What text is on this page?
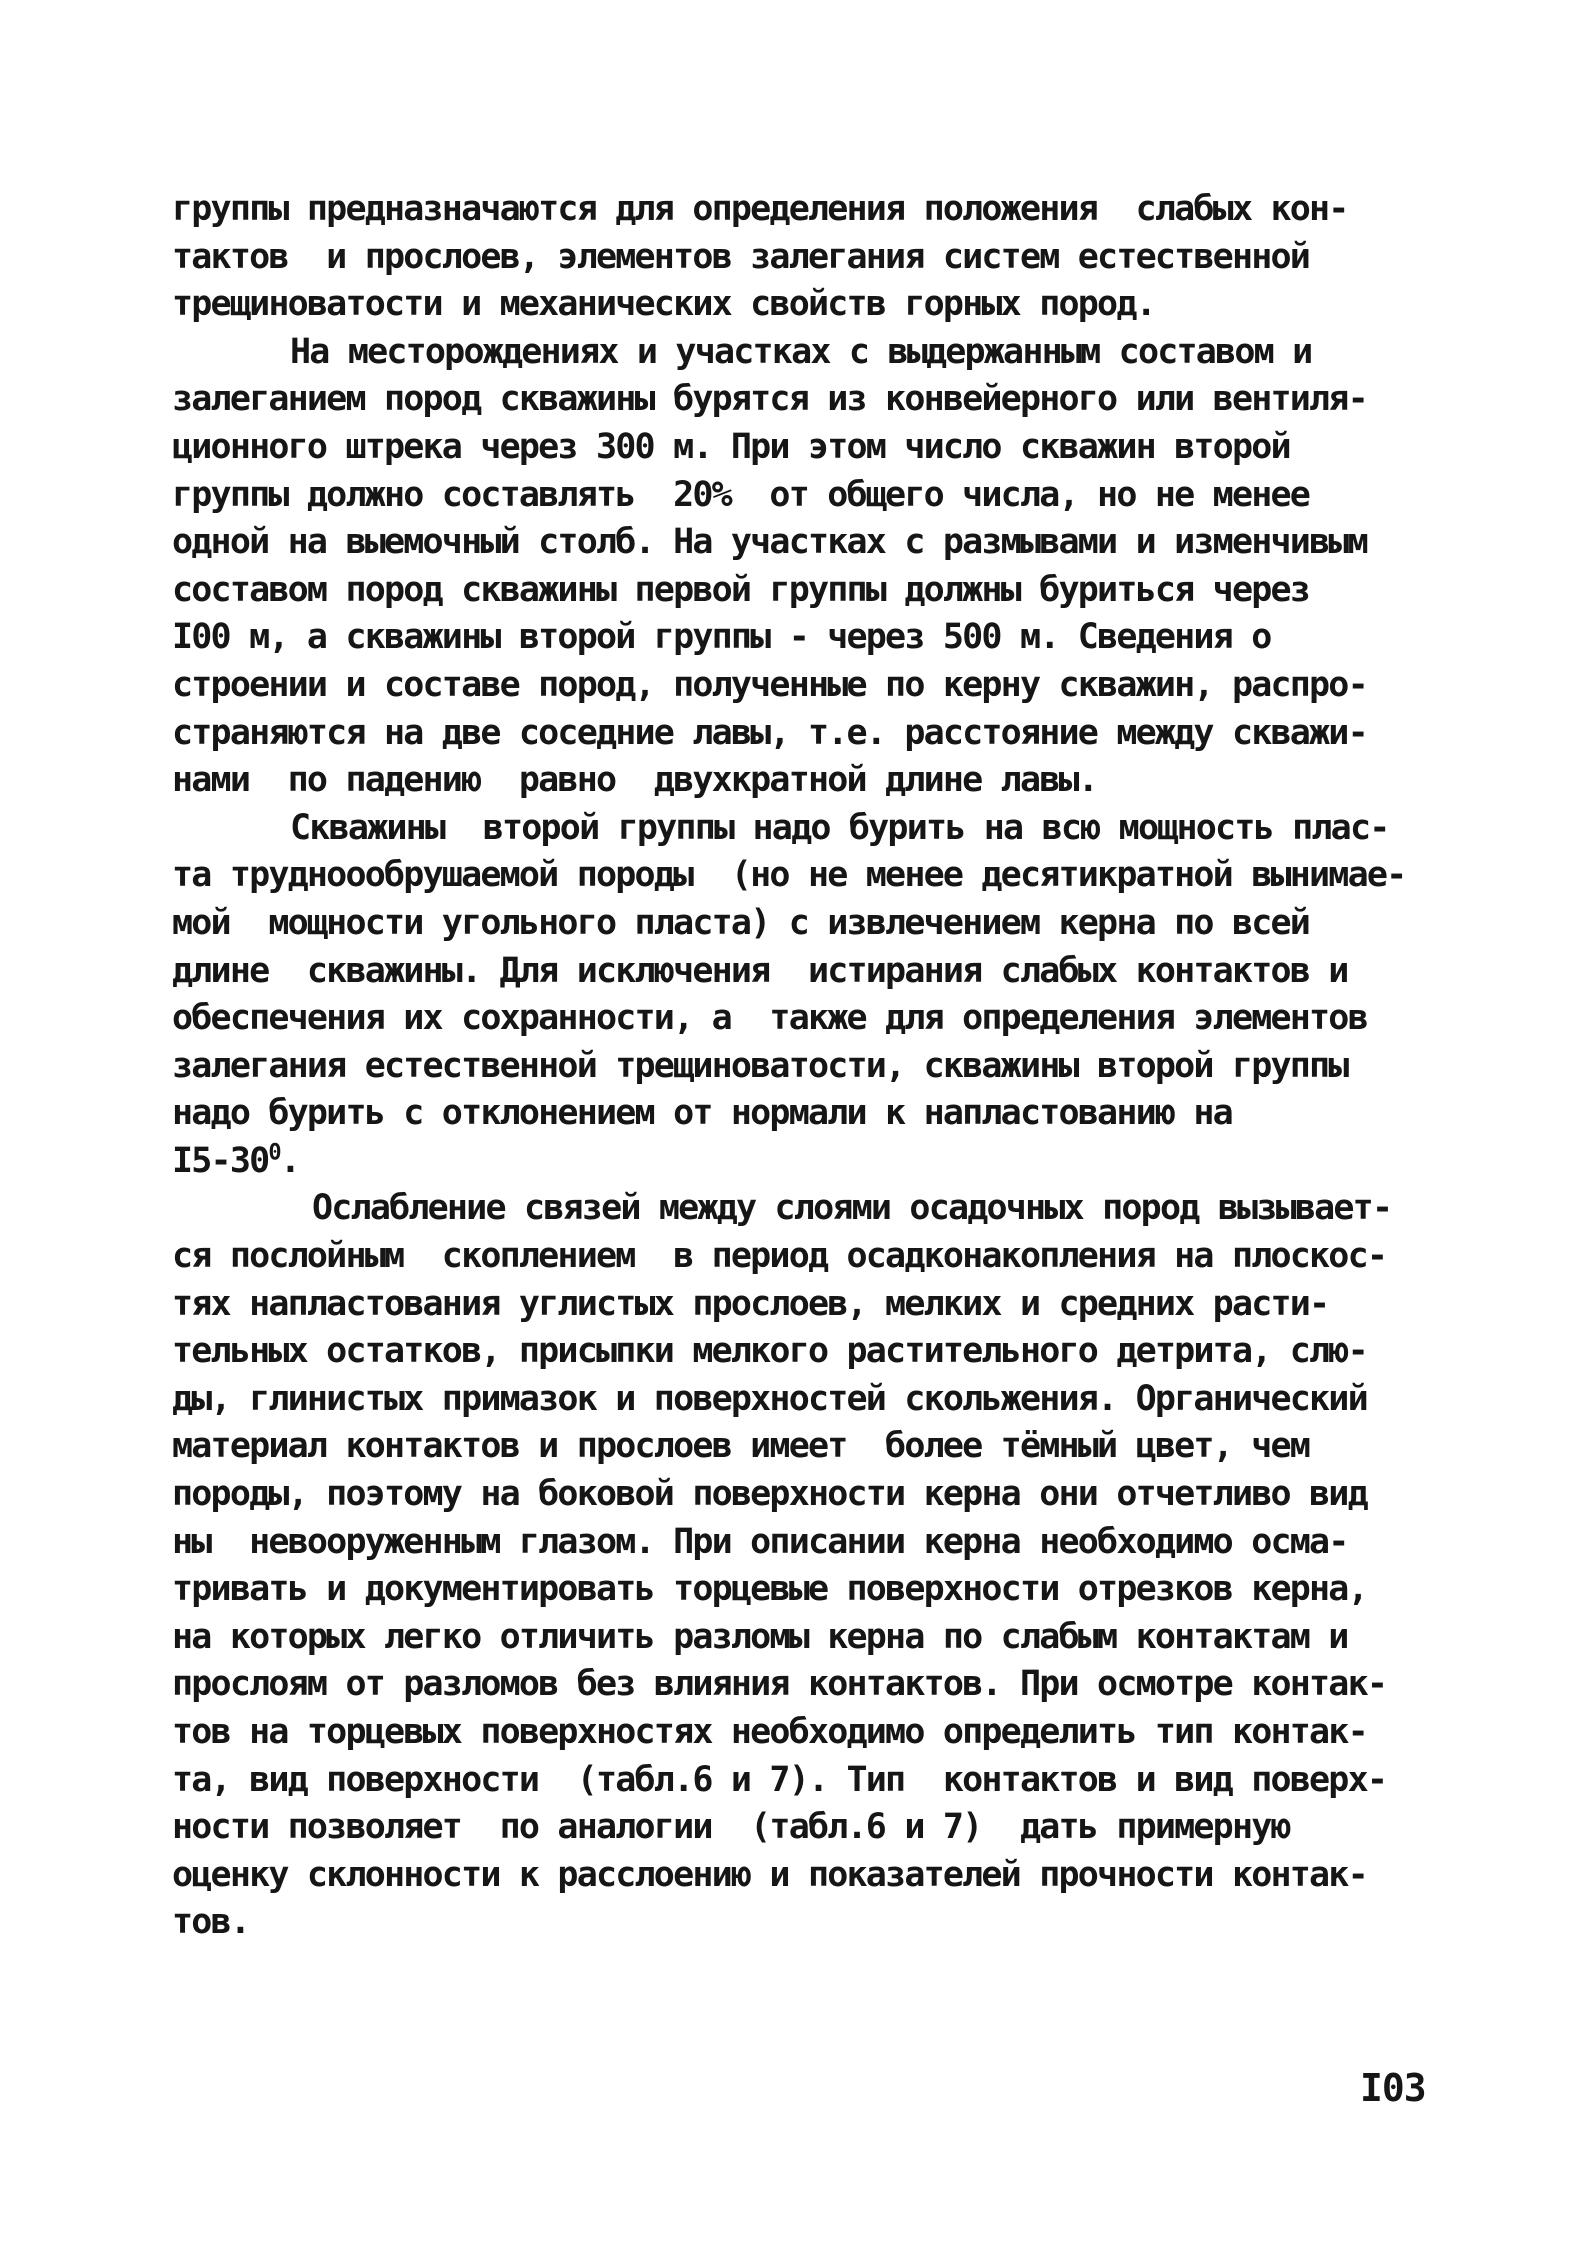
группы предназначаются для определения положения  слабых кон-
тактов  и прослоев, элементов залегания систем естественной
трещиноватости и механических свойств горных пород.
На месторождениях и участках с выдержанным составом и
залеганием пород скважины бурятся из конвейерного или вентиля-
ционного штрека через 300 м. При этом число скважин второй
группы должно составлять  20%  от общего числа, но не менее
одной на выемочный столб. На участках с размывами и изменчивым
составом пород скважины первой группы должны буриться через
I00 м, а скважины второй группы - через 500 м. Сведения о
строении и составе пород, полученные по керну скважин, распро-
страняются на две соседние лавы, т.е. расстояние между скважи-
нами  по падению  равно  двухкратной длине лавы.
Скважины  второй группы надо бурить на всю мощность плас-
та трудноообрушаемой породы  (но не менее десятикратной вынимае-
мой  мощности угольного пласта) с извлечением керна по всей
длине  скважины. Для исключения  истирания слабых контактов и
обеспечения их сохранности, а  также для определения элементов
залегания естественной трещиноватости, скважины второй группы
надо бурить с отклонением от нормали к напластованию на
$I5-30^0$.
Ослабление связей между слоями осадочных пород вызывает-
ся послойным  скоплением  в период осадконакопления на плоскос-
тях напластования углистых прослоев, мелких и средних расти-
тельных остатков, присыпки мелкого растительного детрита, слю-
ды, глинистых примазок и поверхностей скольжения. Органический
материал контактов и прослоев имеет  более тёмный цвет, чем
породы, поэтому на боковой поверхности керна они отчетливо вид
ны  невооруженным глазом. При описании керна необходимо осма-
тривать и документировать торцевые поверхности отрезков керна,
на которых легко отличить разломы керна по слабым контактам и
прослоям от разломов без влияния контактов. При осмотре контак-
тов на торцевых поверхностях необходимо определить тип контак-
та, вид поверхности  (табл.6 и 7). Тип  контактов и вид поверх-
ности позволяет  по аналогии  (табл.6 и 7)  дать примерную
оценку склонности к расслоению и показателей прочности контак-
тов.
I03
